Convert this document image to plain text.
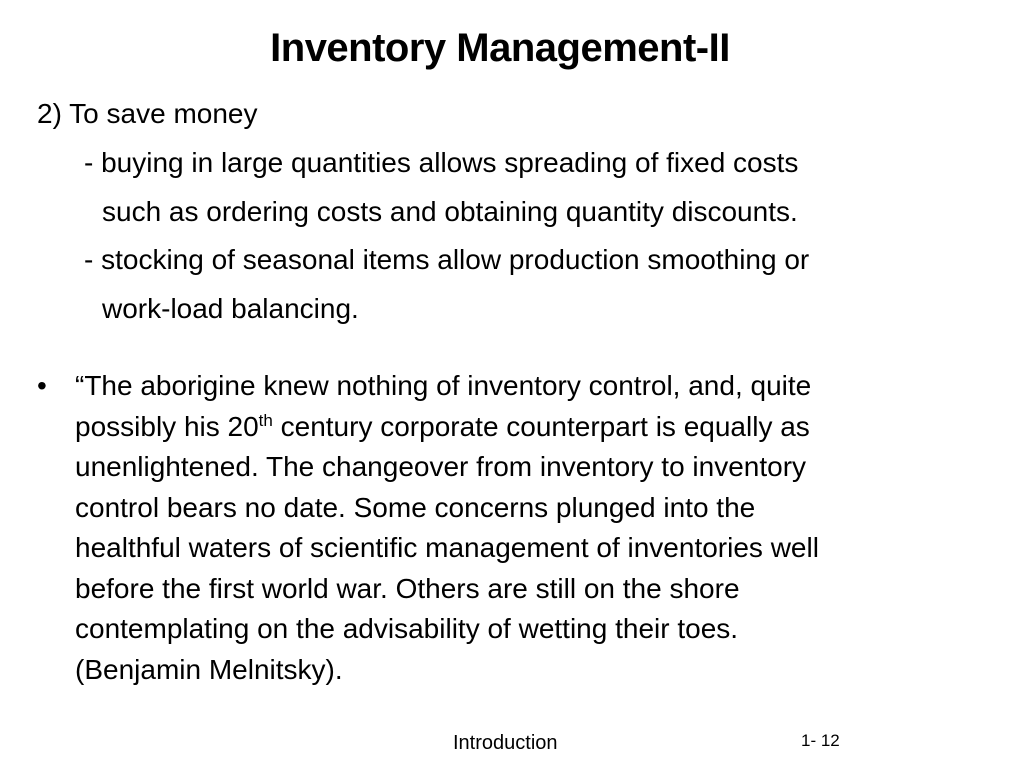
Inventory Management-II

2) To save money

- buying in large quantities allows spreading of fixed costs

such as ordering costs and obtaining quantity discounts.

- stocking of seasonal items allow production smoothing or

work-load balancing.

• “The aborigine knew nothing of inventory control, and, quite
possibly his 20th century corporate counterpart is equally as
unenlightened. The changeover from inventory to inventory
control bears no date. Some concerns plunged into the
healthful waters of scientific management of inventories well
before the first world war. Others are still on the shore
contemplating on the advisability of wetting their toes.
(Benjamin Melnitsky).

Introduction	1- 12
